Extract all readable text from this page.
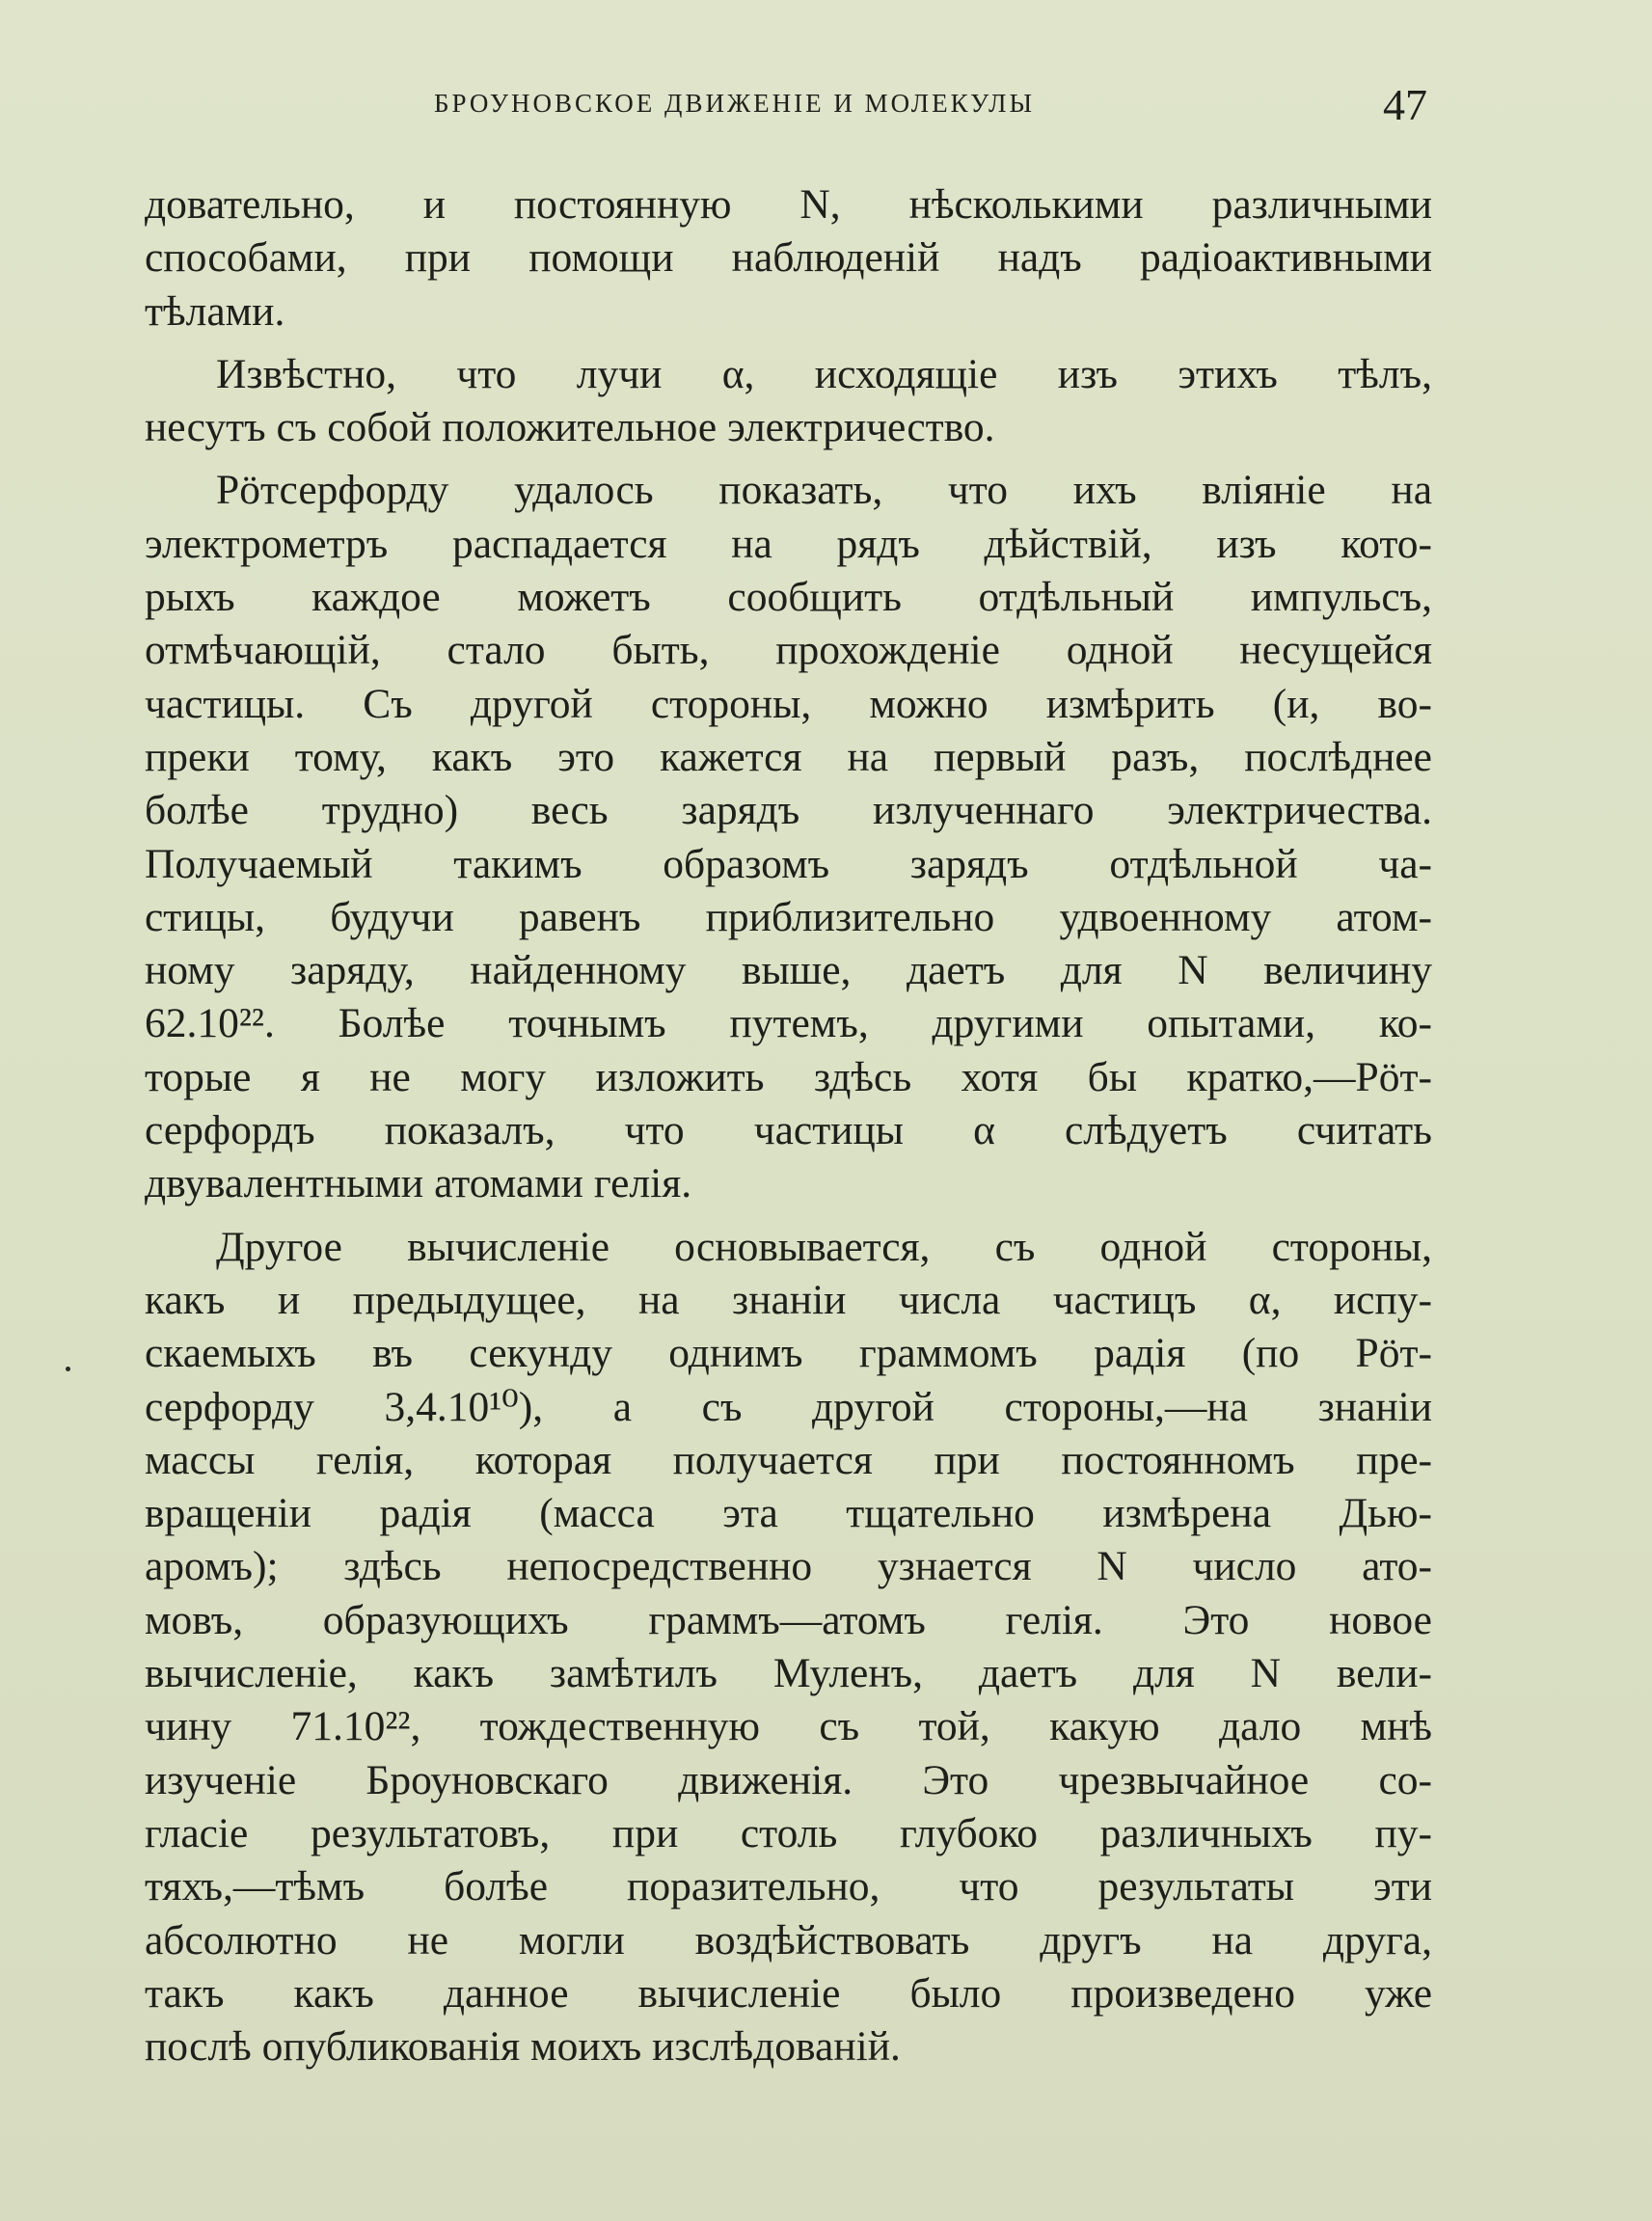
БРОУНОВСКОЕ ДВИЖЕНІЕ И МОЛЕКУЛЫ	47
довательно, и постоянную N, нѣсколькими различными
способами, при помощи наблюденій надъ радіоактивными
тѣлами.
Извѣстно, что лучи α, исходящіе изъ этихъ тѣлъ,
несутъ съ собой положительное электричество.
Рӧтсерфорду удалось показать, что ихъ вліяніе на
электрометръ распадается на рядъ дѣйствій, изъ кото-
рыхъ каждое можетъ сообщить отдѣльный импульсъ,
отмѣчающій, стало быть, прохожденіе одной несущейся
частицы. Съ другой стороны, можно измѣрить (и, во-
преки тому, какъ это кажется на первый разъ, послѣднее
болѣе трудно) весь зарядъ излученнаго электричества.
Получаемый такимъ образомъ зарядъ отдѣльной ча-
стицы, будучи равенъ приблизительно удвоенному атом-
ному заряду, найденному выше, даетъ для N величину
62.10²². Болѣе точнымъ путемъ, другими опытами, ко-
торые я не могу изложить здѣсь хотя бы кратко,—Рӧт-
серфордъ показалъ, что частицы α слѣдуетъ считать
двувалентными атомами гелія.
Другое вычисленіе основывается, съ одной стороны,
какъ и предыдущее, на знаніи числа частицъ α, испу-
скаемыхъ въ секунду однимъ граммомъ радія (по Рӧт-
серфорду 3,4.10¹⁰), а съ другой стороны,—на знаніи
массы гелія, которая получается при постоянномъ пре-
вращеніи радія (масса эта тщательно измѣрена Дью-
аромъ); здѣсь непосредственно узнается N число ато-
мовъ, образующихъ граммъ—атомъ гелія. Это новое
вычисленіе, какъ замѣтилъ Муленъ, даетъ для N вели-
чину 71.10²², тождественную съ той, какую дало мнѣ
изученіе Броуновскаго движенія. Это чрезвычайное со-
гласіе результатовъ, при столь глубоко различныхъ пу-
тяхъ,—тѣмъ болѣе поразительно, что результаты эти
абсолютно не могли воздѣйствовать другъ на друга,
такъ какъ данное вычисленіе было произведено уже
послѣ опубликованія моихъ изслѣдованій.
